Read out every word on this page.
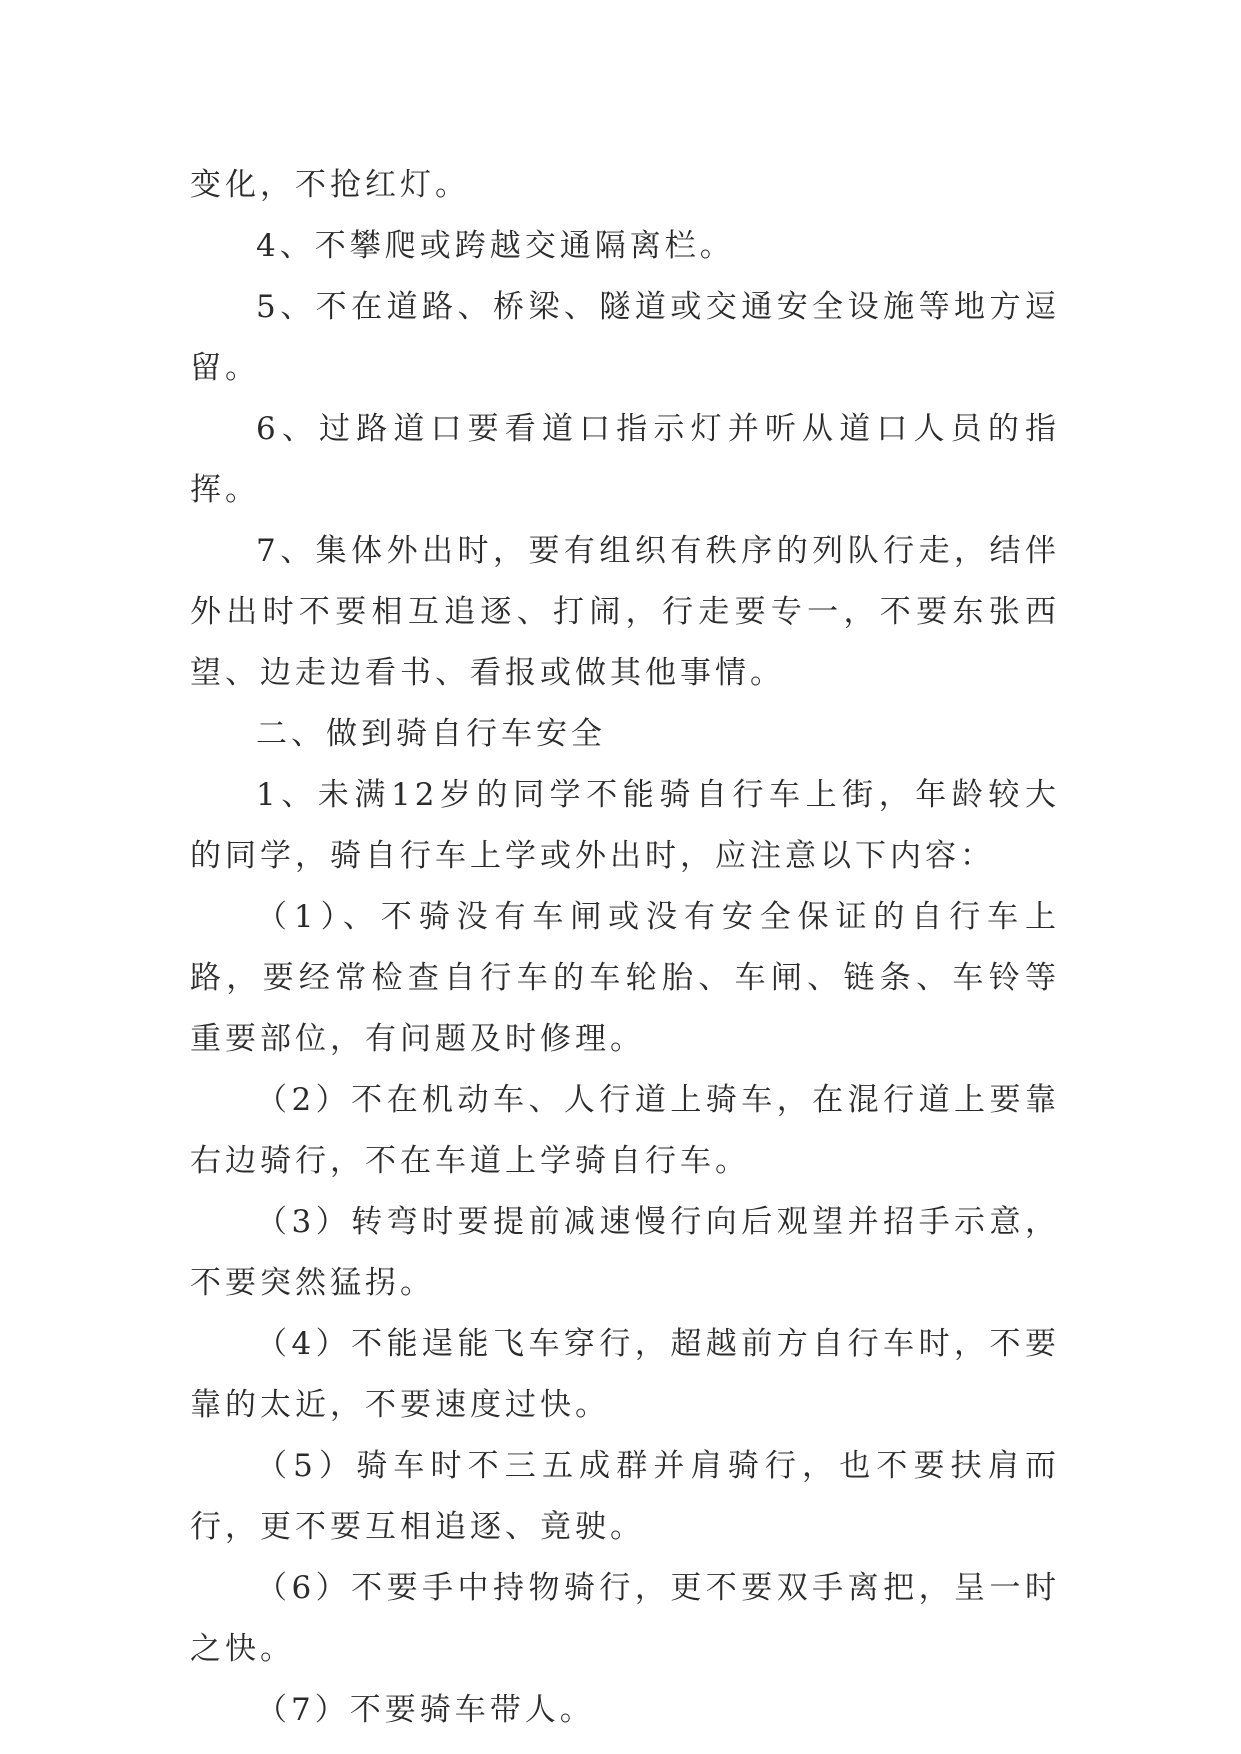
变化，不抢红灯。

4、不攀爬或跨越交通隔离栏。

5、不在道路、桥梁、隧道或交通安全设施等地方逗留。

6、过路道口要看道口指示灯并听从道口人员的指挥。

7、集体外出时，要有组织有秩序的列队行走，结伴外出时不要相互追逐、打闹，行走要专一，不要东张西望、边走边看书、看报或做其他事情。

二、做到骑自行车安全

1、未满12岁的同学不能骑自行车上街，年龄较大的同学，骑自行车上学或外出时，应注意以下内容：

（1）、不骑没有车闸或没有安全保证的自行车上路，要经常检查自行车的车轮胎、车闸、链条、车铃等重要部位，有问题及时修理。

（2）不在机动车、人行道上骑车，在混行道上要靠右边骑行，不在车道上学骑自行车。

（3）转弯时要提前减速慢行向后观望并招手示意，不要突然猛拐。

（4）不能逞能飞车穿行，超越前方自行车时，不要靠的太近，不要速度过快。

（5）骑车时不三五成群并肩骑行，也不要扶肩而行，更不要互相追逐、竟驶。

（6）不要手中持物骑行，更不要双手离把，呈一时之快。

（7）不要骑车带人。
